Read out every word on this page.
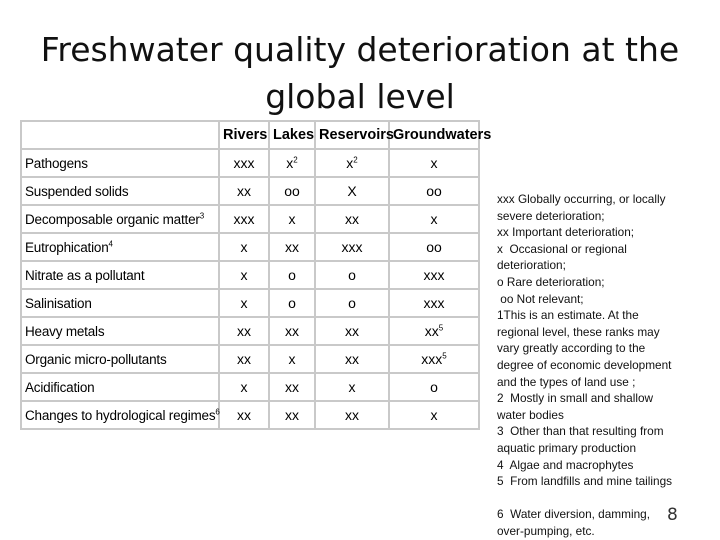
Freshwater quality deterioration at the global level
	Rivers	Lakes	Reservoirs	Groundwaters
Pathogens	xxx	$x^2$	$x^2$	x
Suspended solids	xx	oo	X	oo
Decomposable organic matter$^3$	xxx	x	xx	x
Eutrophication$^4$	x	xx	xxx	oo
Nitrate as a pollutant	x	o	o	xxx
Salinisation	x	o	o	xxx
Heavy metals	xx	xx	xx	$xx^5$
Organic micro-pollutants	xx	x	xx	xxx$^5$
Acidification	x	xx	x	o
Changes to hydrological regimes$^6$	xx	xx	xx	x
xxx Globally occurring, or locally
severe deterioration;
xx Important deterioration;
x  Occasional or regional
deterioration;
o Rare deterioration;
oo Not relevant;
1This is an estimate. At the
regional level, these ranks may
vary greatly according to the
degree of economic development
and the types of land use ;
2  Mostly in small and shallow
water bodies
3  Other than that resulting from
aquatic primary production
4  Algae and macrophytes
5  From landfills and mine tailings
6  Water diversion, damming,
over-pumping, etc.
8
